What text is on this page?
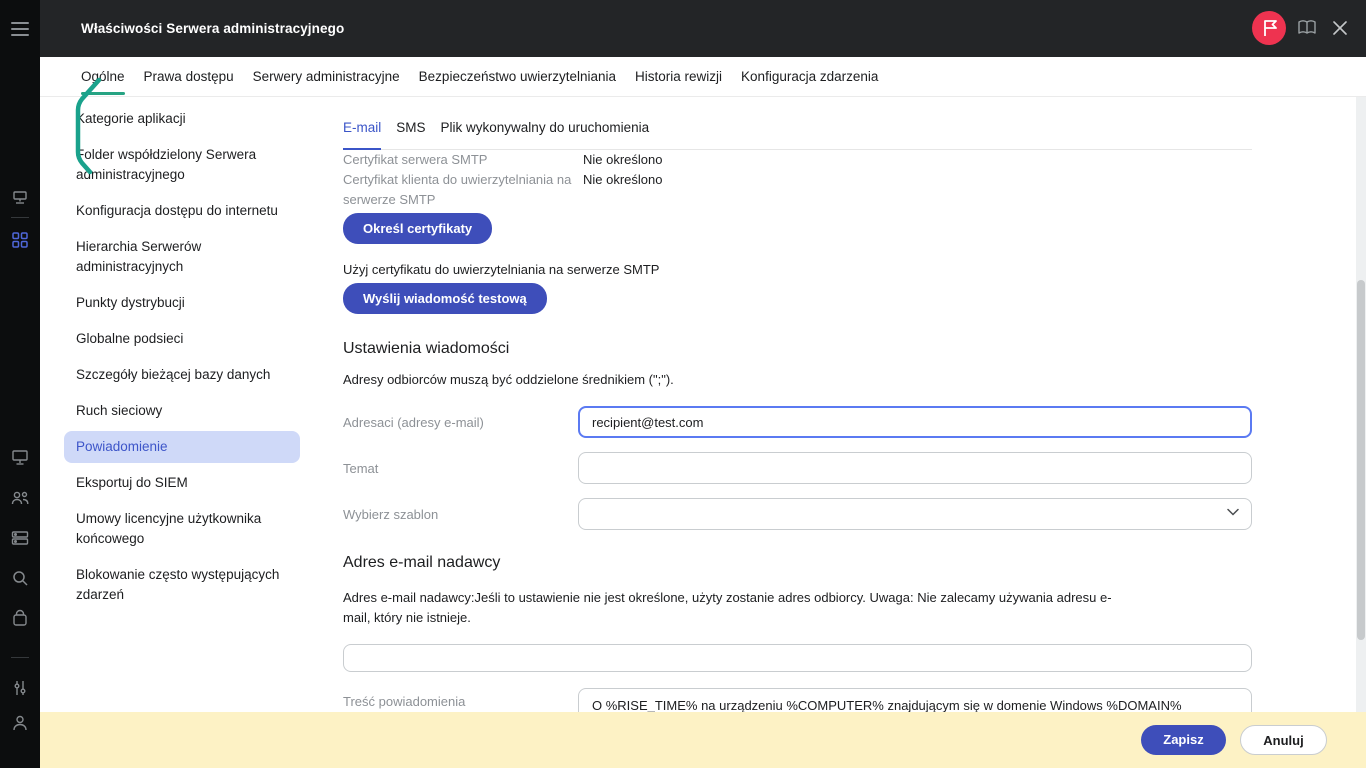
Właściwości Serwera administracyjnego
Ogólne Prawa dostępu Serwery administracyjne Bezpieczeństwo uwierzytelniania Historia rewizji Konfiguracja zdarzenia
Kategorie aplikacji
Folder współdzielony Serwera administracyjnego
Konfiguracja dostępu do internetu
Hierarchia Serwerów administracyjnych
Punkty dystrybucji
Globalne podsieci
Szczegóły bieżącej bazy danych
Ruch sieciowy
Powiadomienie
Eksportuj do SIEM
Umowy licencyjne użytkownika końcowego
Blokowanie często występujących zdarzeń
E-mail SMS Plik wykonywalny do uruchomienia
Certyfikat serwera SMTP	Nie określono
Certyfikat klienta do uwierzytelniania na serwerze SMTP
Nie określono
Określ certyfikaty
Użyj certyfikatu do uwierzytelniania na serwerze SMTP
Wyślij wiadomość testową
Ustawienia wiadomości
Adresy odbiorców muszą być oddzielone średnikiem (";").
Adresaci (adresy e-mail)
recipient@test.com
Temat
Wybierz szablon
Adres e-mail nadawcy
Adres e-mail nadawcy:Jeśli to ustawienie nie jest określone, użyty zostanie adres odbiorcy. Uwaga: Nie zalecamy używania adresu e-mail, który nie istnieje.
Treść powiadomienia
O %RISE_TIME% na urządzeniu %COMPUTER% znajdującym się w domenie Windows %DOMAIN% wystąpiło zdarzenie "%EVENT%".
Zapisz	Anuluj
